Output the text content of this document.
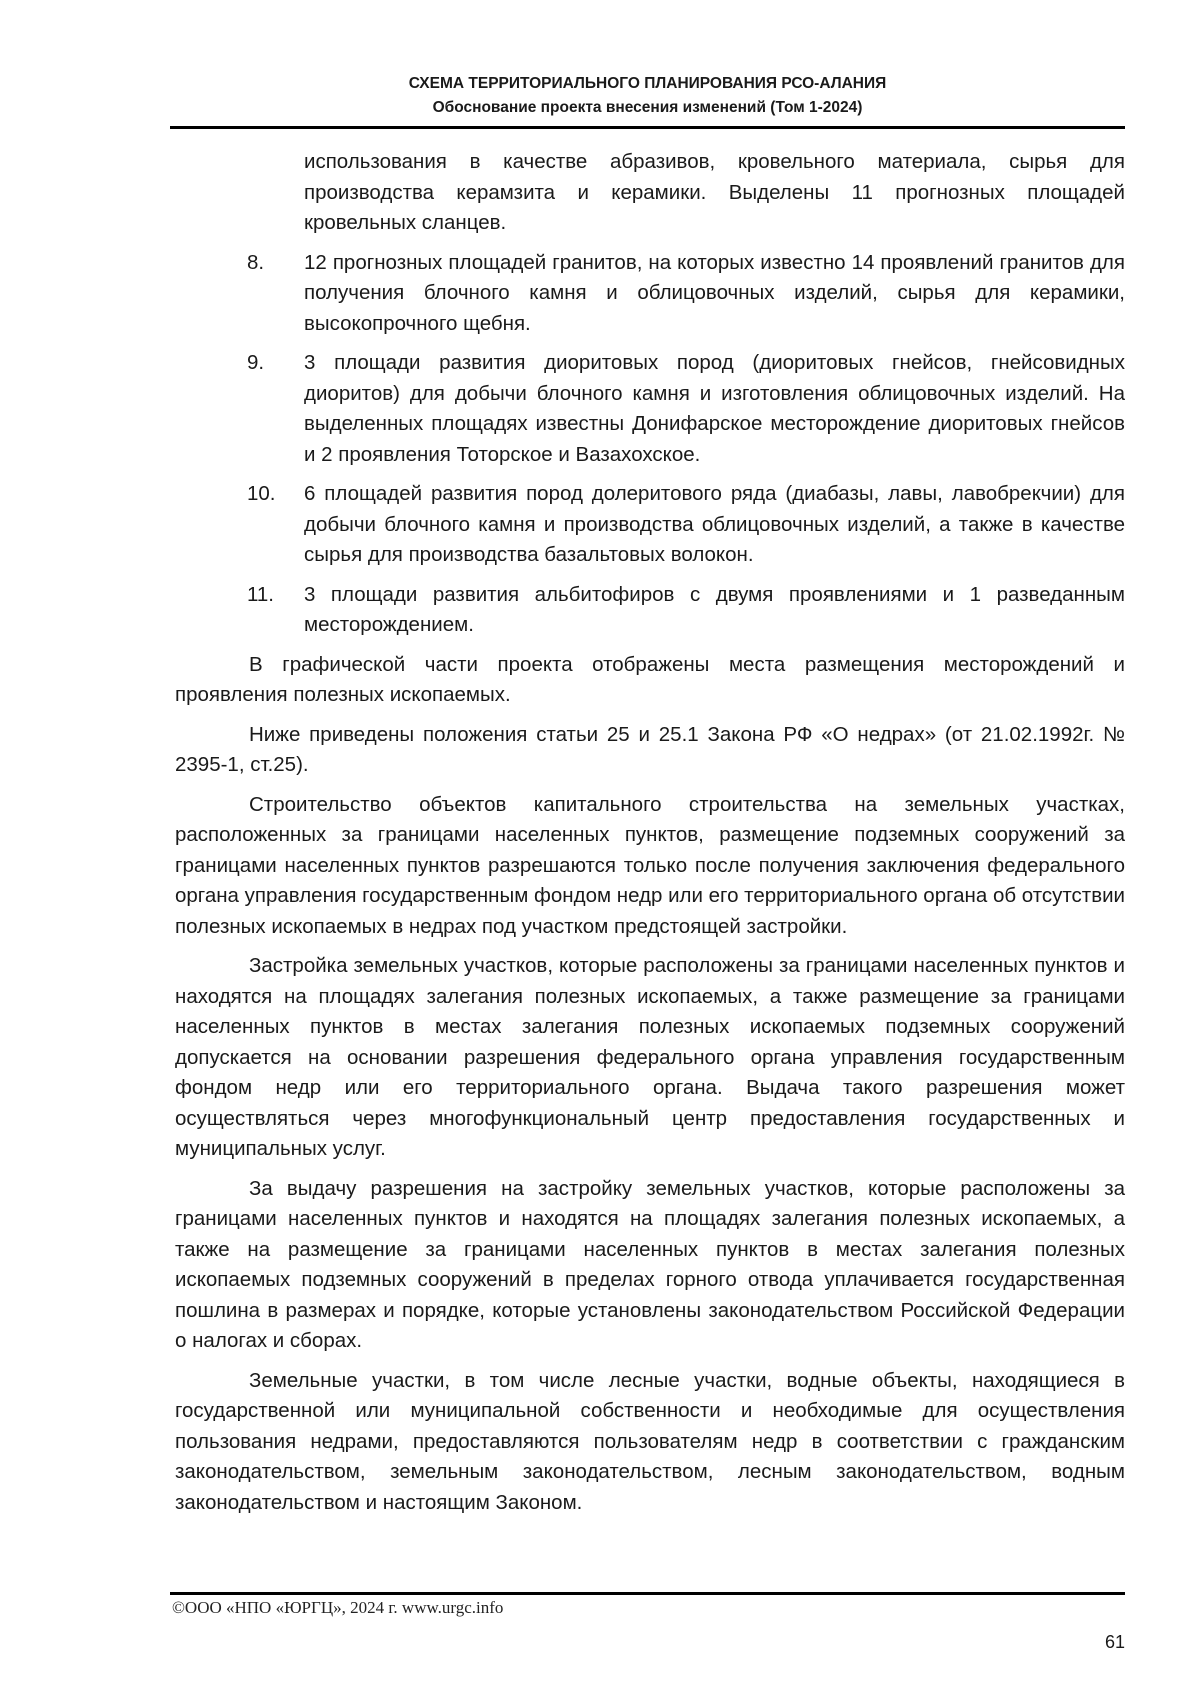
СХЕМА ТЕРРИТОРИАЛЬНОГО ПЛАНИРОВАНИЯ РСО-АЛАНИЯ
Обоснование проекта внесения изменений (Том 1-2024)
использования в качестве абразивов, кровельного материала, сырья для производства керамзита и керамики. Выделены 11 прогнозных площадей кровельных сланцев.
8.	12 прогнозных площадей гранитов, на которых известно 14 проявлений гранитов для получения блочного камня и облицовочных изделий, сырья для керамики, высокопрочного щебня.
9.	3 площади развития диоритовых пород (диоритовых гнейсов, гнейсовидных диоритов) для добычи блочного камня и изготовления облицовочных изделий. На выделенных площадях известны Донифарское месторождение диоритовых гнейсов и 2 проявления Тоторское и Вазахохское.
10.	6 площадей развития пород долеритового ряда (диабазы, лавы, лавобрекчии) для добычи блочного камня и производства облицовочных изделий, а также в качестве сырья для производства базальтовых волокон.
11.	3 площади развития альбитофиров с двумя проявлениями и 1 разведанным месторождением.

В графической части проекта отображены места размещения месторождений и проявления полезных ископаемых.

Ниже приведены положения статьи 25 и 25.1 Закона РФ «О недрах» (от 21.02.1992г. № 2395-1, ст.25).

Строительство объектов капитального строительства на земельных участках, расположенных за границами населенных пунктов, размещение подземных сооружений за границами населенных пунктов разрешаются только после получения заключения федерального органа управления государственным фондом недр или его территориального органа об отсутствии полезных ископаемых в недрах под участком предстоящей застройки.

Застройка земельных участков, которые расположены за границами населенных пунктов и находятся на площадях залегания полезных ископаемых, а также размещение за границами населенных пунктов в местах залегания полезных ископаемых подземных сооружений допускается на основании разрешения федерального органа управления государственным фондом недр или его территориального органа. Выдача такого разрешения может осуществляться через многофункциональный центр предоставления государственных и муниципальных услуг.

За выдачу разрешения на застройку земельных участков, которые расположены за границами населенных пунктов и находятся на площадях залегания полезных ископаемых, а также на размещение за границами населенных пунктов в местах залегания полезных ископаемых подземных сооружений в пределах горного отвода уплачивается государственная пошлина в размерах и порядке, которые установлены законодательством Российской Федерации о налогах и сборах.

Земельные участки, в том числе лесные участки, водные объекты, находящиеся в государственной или муниципальной собственности и необходимые для осуществления пользования недрами, предоставляются пользователям недр в соответствии с гражданским законодательством, земельным законодательством, лесным законодательством, водным законодательством и настоящим Законом.

©ООО «НПО «ЮРГЦ», 2024 г. www.urgc.info
61
